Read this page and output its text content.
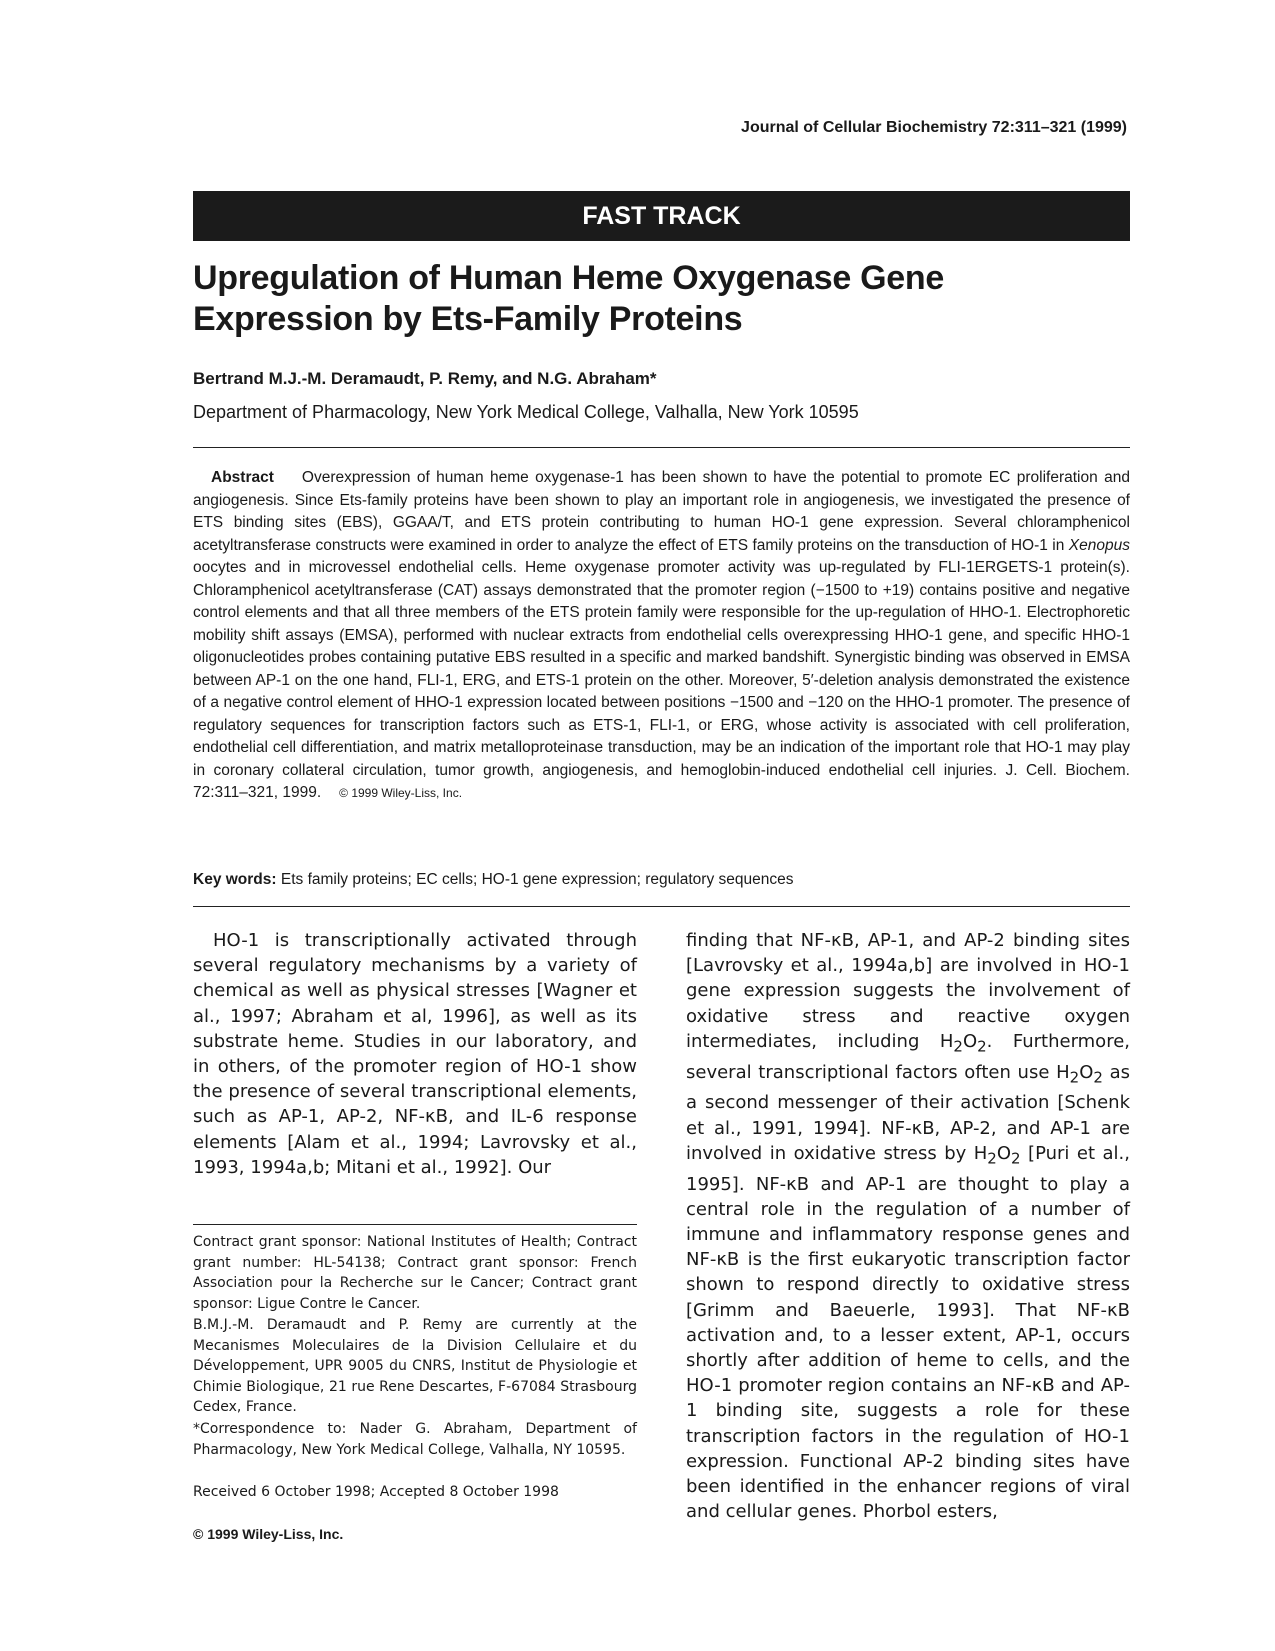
Journal of Cellular Biochemistry 72:311–321 (1999)
FAST TRACK
Upregulation of Human Heme Oxygenase Gene
Expression by Ets-Family Proteins
Bertrand M.J.-M. Deramaudt, P. Remy, and N.G. Abraham*
Department of Pharmacology, New York Medical College, Valhalla, New York 10595

Abstract Overexpression of human heme oxygenase-1 has been shown to have the potential to promote EC proliferation and angiogenesis. Since Ets-family proteins have been shown to play an important role in angiogenesis, we investigated the presence of ETS binding sites (EBS), GGAA/T, and ETS protein contributing to human HO-1 gene expression. Several chloramphenicol acetyltransferase constructs were examined in order to analyze the effect of ETS family proteins on the transduction of HO-1 in Xenopus oocytes and in microvessel endothelial cells. Heme oxygenase promoter activity was up-regulated by FLI-1ERGETS-1 protein(s). Chloramphenicol acetyltransferase (CAT) assays demonstrated that the promoter region (−1500 to +19) contains positive and negative control elements and that all three members of the ETS protein family were responsible for the up-regulation of HHO-1. Electrophoretic mobility shift assays (EMSA), performed with nuclear extracts from endothelial cells overexpressing HHO-1 gene, and specific HHO-1 oligonucleotides probes containing putative EBS resulted in a specific and marked bandshift. Synergistic binding was observed in EMSA between AP-1 on the one hand, FLI-1, ERG, and ETS-1 protein on the other. Moreover, 5′-deletion analysis demonstrated the existence of a negative control element of HHO-1 expression located between positions −1500 and −120 on the HHO-1 promoter. The presence of regulatory sequences for transcription factors such as ETS-1, FLI-1, or ERG, whose activity is associated with cell proliferation, endothelial cell differentiation, and matrix metalloproteinase transduction, may be an indication of the important role that HO-1 may play in coronary collateral circulation, tumor growth, angiogenesis, and hemoglobin-induced endothelial cell injuries. J. Cell. Biochem. 72:311–321, 1999. © 1999 Wiley-Liss, Inc.

Key words: Ets family proteins; EC cells; HO-1 gene expression; regulatory sequences

HO-1 is transcriptionally activated through several regulatory mechanisms by a variety of chemical as well as physical stresses [Wagner et al., 1997; Abraham et al, 1996], as well as its substrate heme. Studies in our laboratory, and in others, of the promoter region of HO-1 show the presence of several transcriptional elements, such as AP-1, AP-2, NF-κB, and IL-6 response elements [Alam et al., 1994; Lavrovsky et al., 1993, 1994a,b; Mitani et al., 1992]. Our

finding that NF-κB, AP-1, and AP-2 binding sites [Lavrovsky et al., 1994a,b] are involved in HO-1 gene expression suggests the involvement of oxidative stress and reactive oxygen intermediates, including $H_2O_2$. Furthermore, several transcriptional factors often use $H_2O_2$ as a second messenger of their activation [Schenk et al., 1991, 1994]. NF-κB, AP-2, and AP-1 are involved in oxidative stress by $H_2O_2$ [Puri et al., 1995]. NF-κB and AP-1 are thought to play a central role in the regulation of a number of immune and inflammatory response genes and NF-κB is the first eukaryotic transcription factor shown to respond directly to oxidative stress [Grimm and Baeuerle, 1993]. That NF-κB activation and, to a lesser extent, AP-1, occurs shortly after addition of heme to cells, and the HO-1 promoter region contains an NF-κB and AP-1 binding site, suggests a role for these transcription factors in the regulation of HO-1 expression. Functional AP-2 binding sites have been identified in the enhancer regions of viral and cellular genes. Phorbol esters,

Contract grant sponsor: National Institutes of Health; Contract grant number: HL-54138; Contract grant sponsor: French Association pour la Recherche sur le Cancer; Contract grant sponsor: Ligue Contre le Cancer.

B.M.J.-M. Deramaudt and P. Remy are currently at the Mecanismes Moleculaires de la Division Cellulaire et du Développement, UPR 9005 du CNRS, Institut de Physiologie et Chimie Biologique, 21 rue Rene Descartes, F-67084 Strasbourg Cedex, France.

*Correspondence to: Nader G. Abraham, Department of Pharmacology, New York Medical College, Valhalla, NY 10595.

Received 6 October 1998; Accepted 8 October 1998

© 1999 Wiley-Liss, Inc.
